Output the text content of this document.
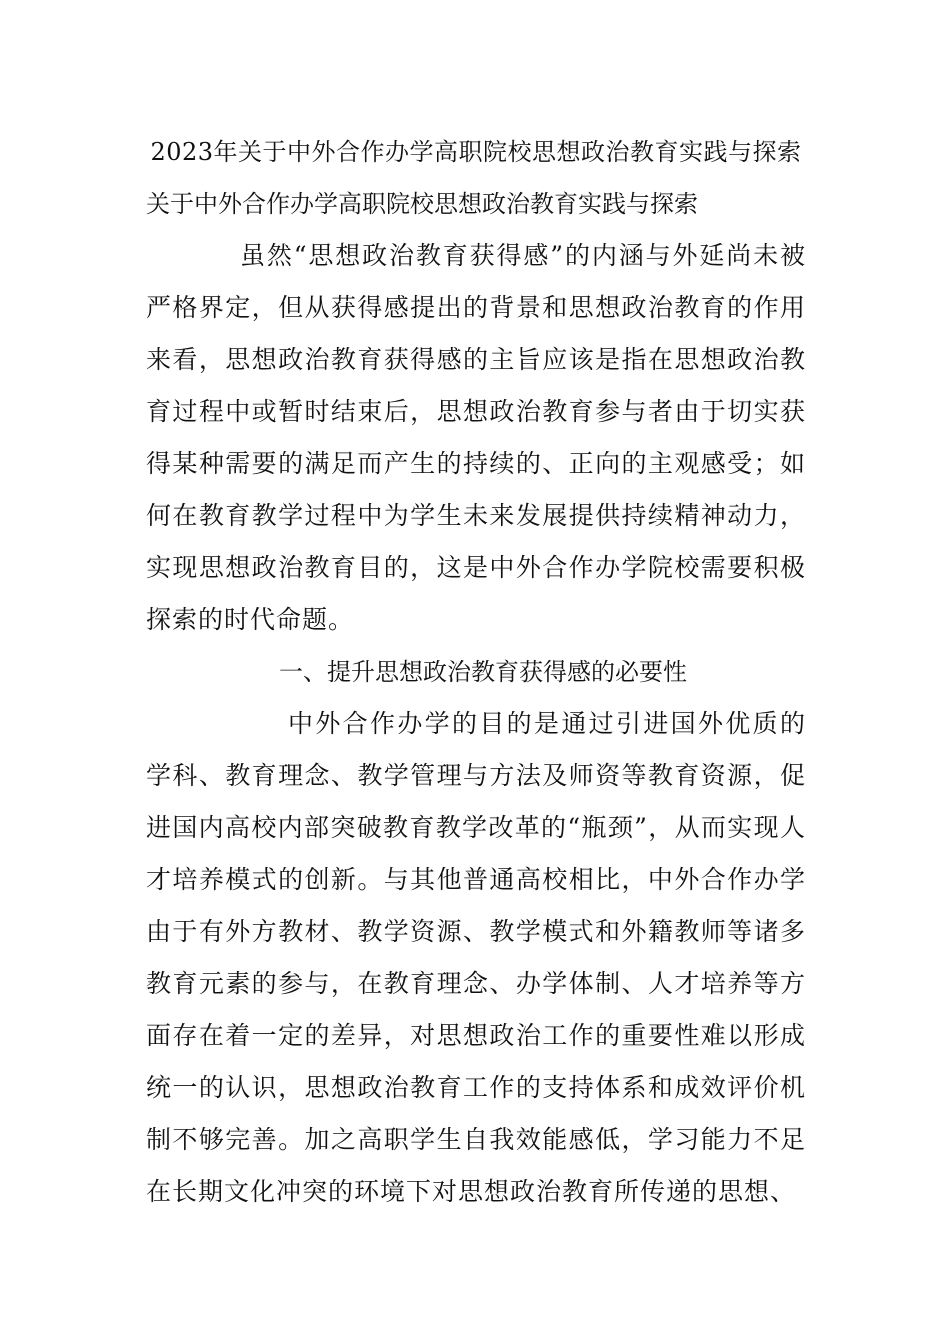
2023年关于中外合作办学高职院校思想政治教育实践与探索

关于中外合作办学高职院校思想政治教育实践与探索

虽然“思想政治教育获得感”的内涵与外延尚未被严格界定，但从获得感提出的背景和思想政治教育的作用来看，思想政治教育获得感的主旨应该是指在思想政治教育过程中或暂时结束后，思想政治教育参与者由于切实获得某种需要的满足而产生的持续的、正向的主观感受；如何在教育教学过程中为学生未来发展提供持续精神动力，实现思想政治教育目的，这是中外合作办学院校需要积极探索的时代命题。

一、提升思想政治教育获得感的必要性

中外合作办学的目的是通过引进国外优质的学科、教育理念、教学管理与方法及师资等教育资源，促进国内高校内部突破教育教学改革的“瓶颈”，从而实现人才培养模式的创新。与其他普通高校相比，中外合作办学由于有外方教材、教学资源、教学模式和外籍教师等诸多教育元素的参与，在教育理念、办学体制、人才培养等方面存在着一定的差异，对思想政治工作的重要性难以形成统一的认识，思想政治教育工作的支持体系和成效评价机制不够完善。加之高职学生自我效能感低，学习能力不足在长期文化冲突的环境下对思想政治教育所传递的思想、
